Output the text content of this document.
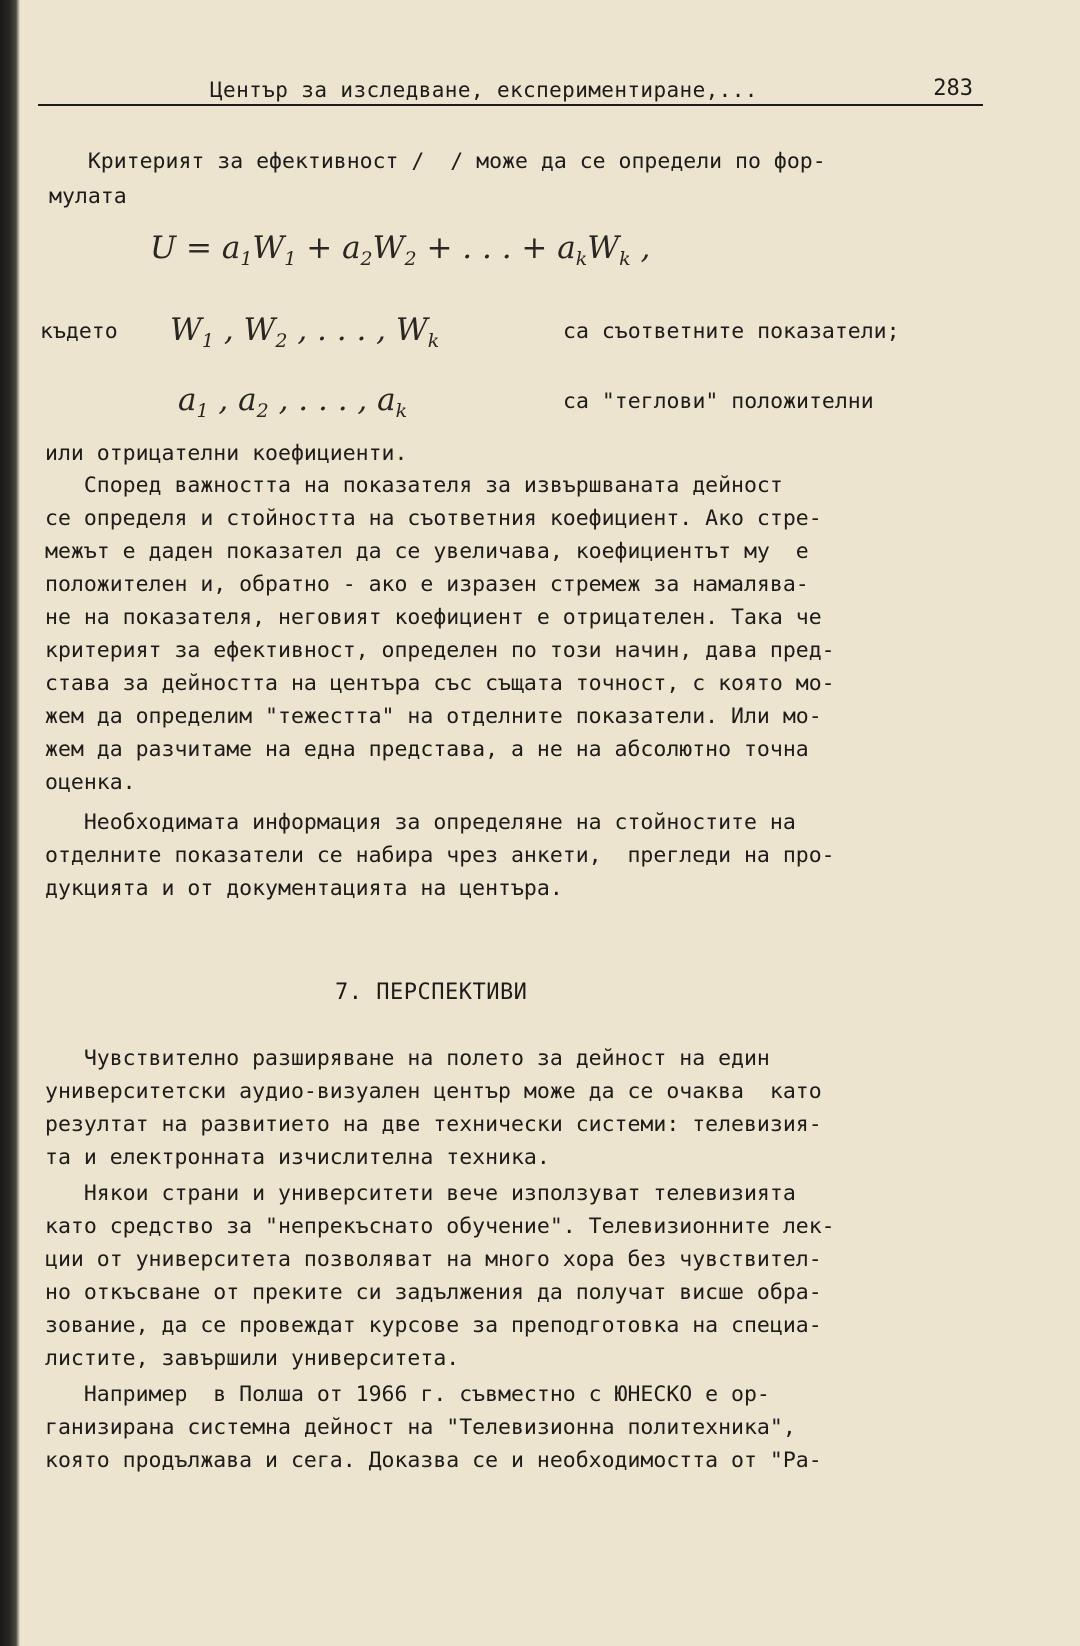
Център за изследване, експериментиране,...	283
Критерият за ефективност /  / може да се определи по фор-
мулата
$U = a_1W_1 + a_2W_2$ + . . . + $a_kW_k$ ,
къдетo $W_1$ , $W_2$ , . . . , $W_k$	са съответните показатели;
$a_1$ , $a_2$ , . . . , $a_k$	са "теглови" положителни
или отрицателни коефициенти.
Според важността на показателя за извършваната дейност
се определя и стойността на съответния коефициент. Ако стре-
межът е даден показател да се увеличава, коефициентът му  е
положителен и, обратно - ако е изразен стремеж за намалява-
не на показателя, неговият коефициент е отрицателен. Така че
критерият за ефективност, определен по този начин, дава пред-
става за дейността на центъра със същата точност, с която мо-
жем да определим "тежестта" на отделните показатели. Или мо-
жем да разчитаме на една представа, а не на абсолютно точна
оценка.
Необходимата информация за определяне на стойностите на
отделните показатели се набира чрез анкети,  прегледи на про-
дукцията и от документацията на центъра.
7. ПЕРСПЕКТИВИ
Чувствително разширяване на полето за дейност на един
университетски аудио-визуален център може да се очаква  като
резултат на развитието на две технически системи: телевизия-
та и електронната изчислителна техника.
Някои страни и университети вече използуват телевизията
като средство за "непрекъснато обучение". Телевизионните лек-
ции от университета позволяват на много хора без чувствител-
но откъсване от преките си задължения да получат висше обра-
зование, да се провеждат курсове за преподготовка на специа-
листите, завършили университета.
Например  в Полша от 1966 г. съвместно с ЮНЕСКО е ор-
ганизирана системна дейност на "Телевизионна политехника",
която продължава и сега. Доказва се и необходимостта от "Ра-
